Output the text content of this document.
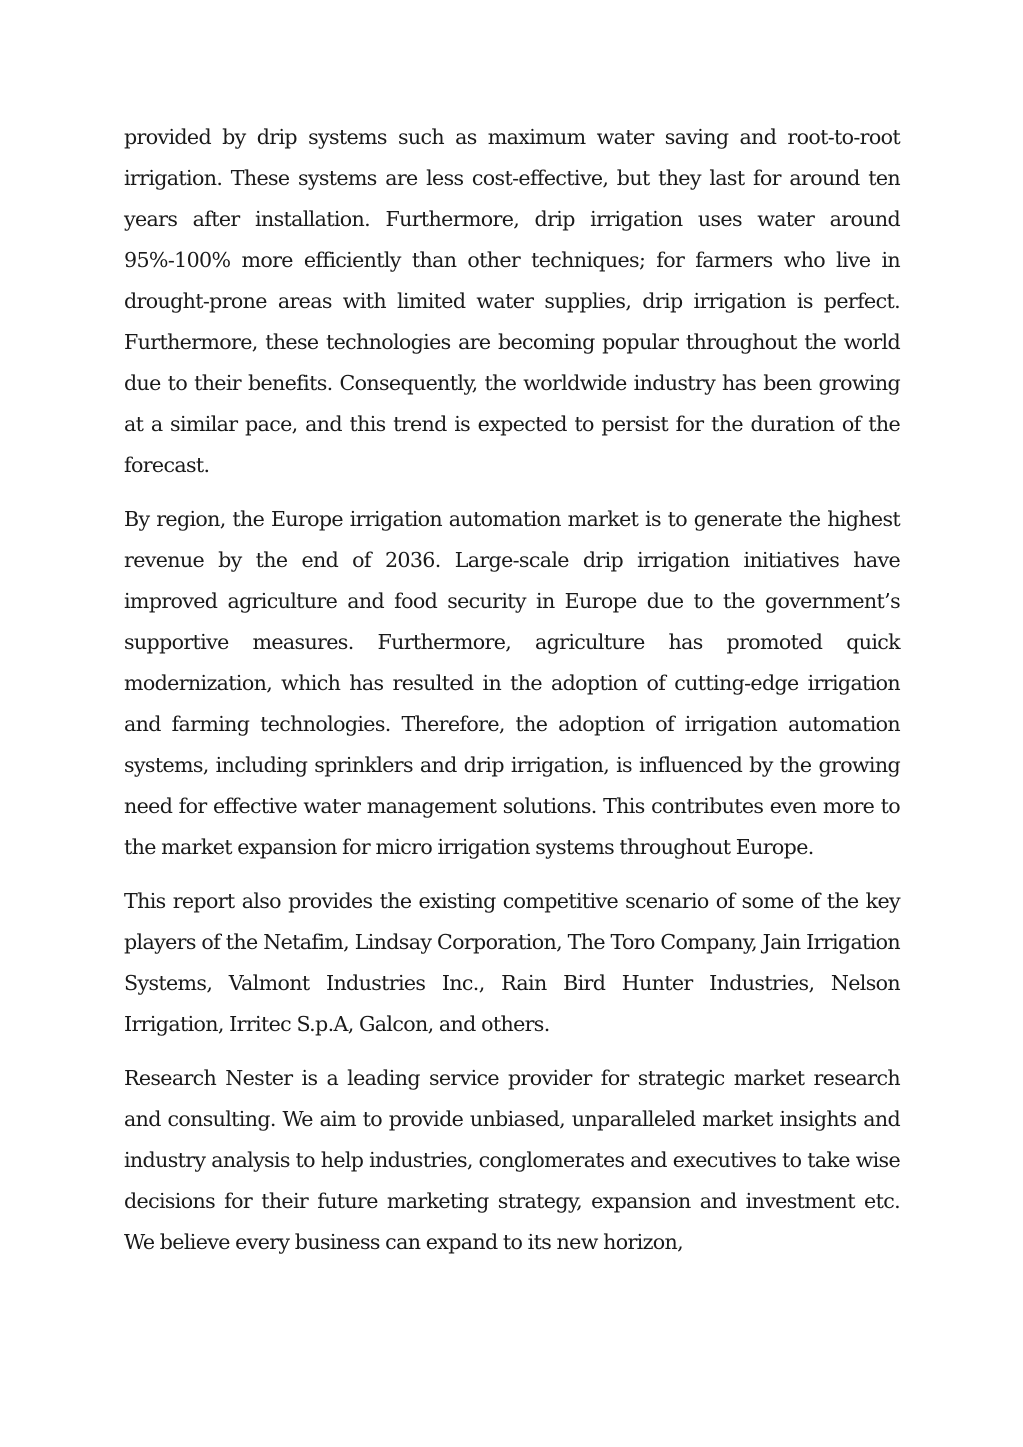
provided by drip systems such as maximum water saving and root-to-root irrigation. These systems are less cost-effective, but they last for around ten years after installation. Furthermore, drip irrigation uses water around 95%-100% more efficiently than other techniques; for farmers who live in drought-prone areas with limited water supplies, drip irrigation is perfect. Furthermore, these technologies are becoming popular throughout the world due to their benefits. Consequently, the worldwide industry has been growing at a similar pace, and this trend is expected to persist for the duration of the forecast.

By region, the Europe irrigation automation market is to generate the highest revenue by the end of 2036. Large-scale drip irrigation initiatives have improved agriculture and food security in Europe due to the government’s supportive measures. Furthermore, agriculture has promoted quick modernization, which has resulted in the adoption of cutting-edge irrigation and farming technologies. Therefore, the adoption of irrigation automation systems, including sprinklers and drip irrigation, is influenced by the growing need for effective water management solutions. This contributes even more to the market expansion for micro irrigation systems throughout Europe.

This report also provides the existing competitive scenario of some of the key players of the Netafim, Lindsay Corporation, The Toro Company, Jain Irrigation Systems, Valmont Industries Inc., Rain Bird Hunter Industries, Nelson Irrigation, Irritec S.p.A, Galcon, and others.

Research Nester is a leading service provider for strategic market research and consulting. We aim to provide unbiased, unparalleled market insights and industry analysis to help industries, conglomerates and executives to take wise decisions for their future marketing strategy, expansion and investment etc. We believe every business can expand to its new horizon,
